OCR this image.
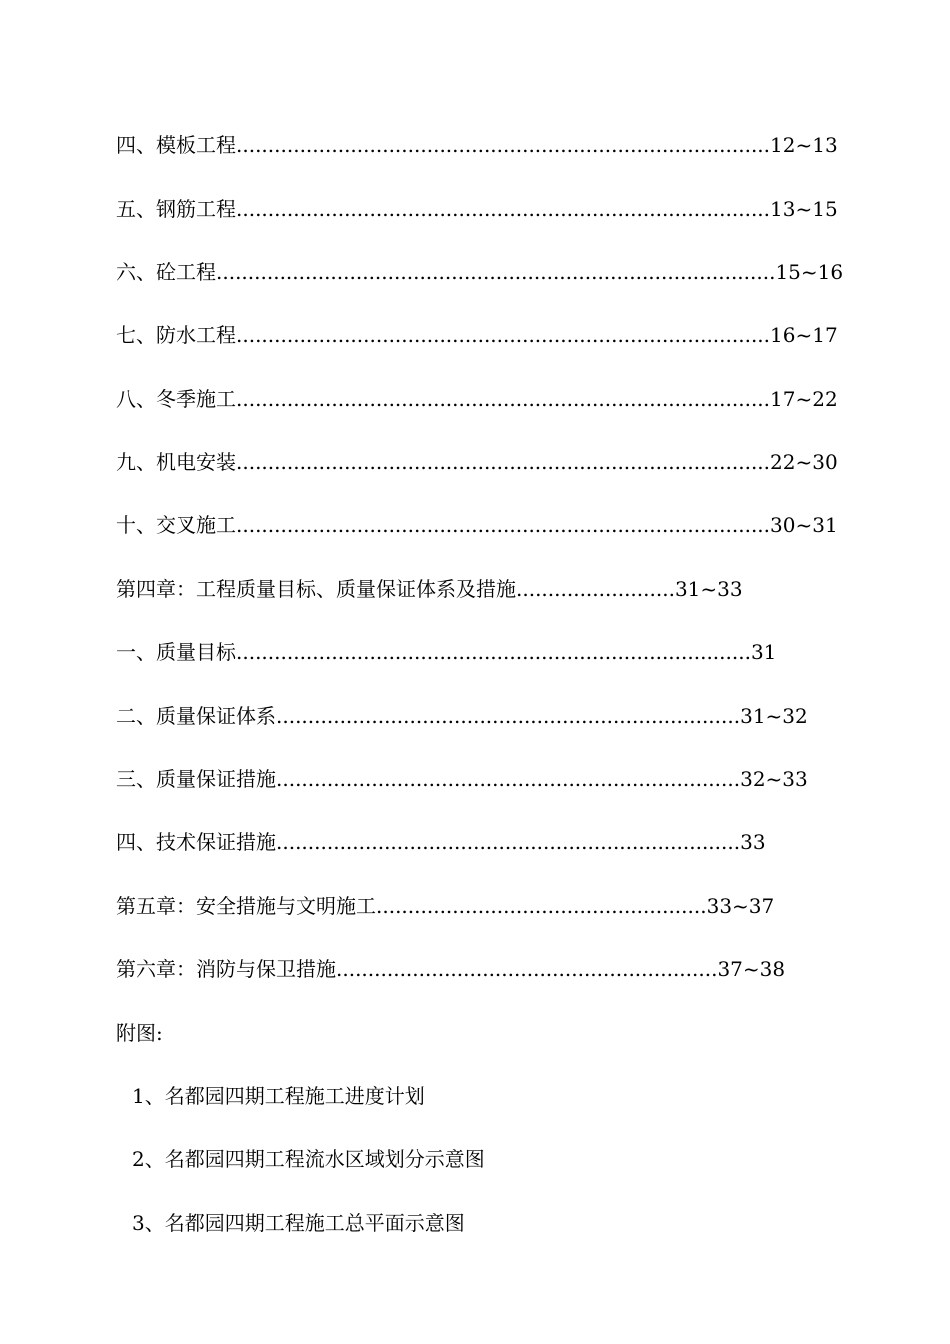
四、模板工程....................................................................................12~13
五、钢筋工程....................................................................................13~15
六、砼工程........................................................................................15~16
七、防水工程....................................................................................16~17
八、冬季施工....................................................................................17~22
九、机电安装....................................................................................22~30
十、交叉施工....................................................................................30~31
第四章：工程质量目标、质量保证体系及措施.........................31~33
一、质量目标.................................................................................31
二、质量保证体系.........................................................................31~32
三、质量保证措施.........................................................................32~33
四、技术保证措施.........................................................................33
第五章：安全措施与文明施工....................................................33~37
第六章：消防与保卫措施............................................................37~38
附图:
1、名都园四期工程施工进度计划
2、名都园四期工程流水区域划分示意图
3、名都园四期工程施工总平面示意图
